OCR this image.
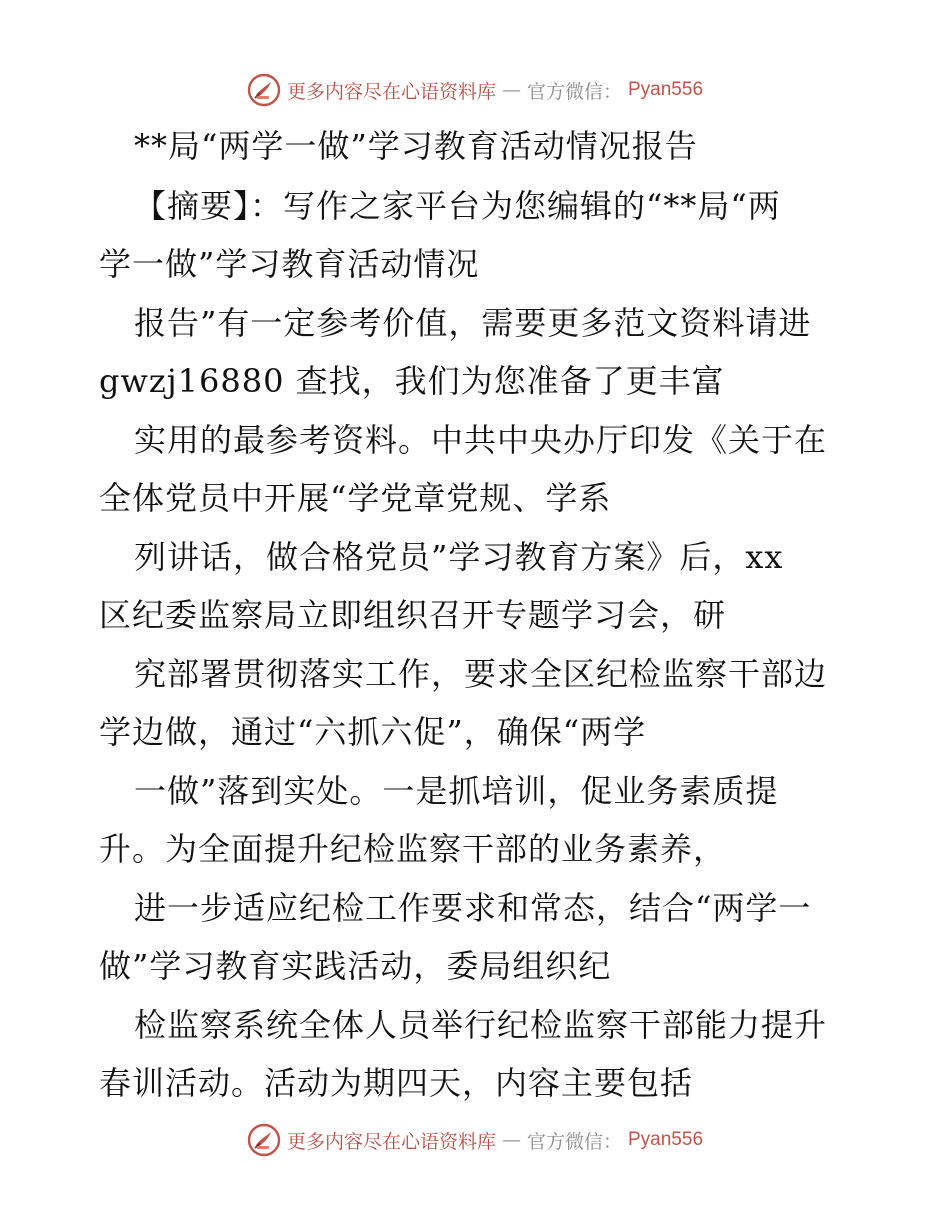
更多内容尽在心语资料库 — 官方微信： Pyan556
**局“两学一做”学习教育活动情况报告
【摘要】：写作之家平台为您编辑的“**局“两
学一做”学习教育活动情况
报告”有一定参考价值，需要更多范文资料请进
gwzj16880 查找，我们为您准备了更丰富
实用的最参考资料。中共中央办厅印发《关于在
全体党员中开展“学党章党规、学系
列讲话，做合格党员”学习教育方案》后，xx
区纪委监察局立即组织召开专题学习会，研
究部署贯彻落实工作，要求全区纪检监察干部边
学边做，通过“六抓六促”，确保“两学
一做”落到实处。一是抓培训，促业务素质提
升。为全面提升纪检监察干部的业务素养，
进一步适应纪检工作要求和常态，结合“两学一
做”学习教育实践活动，委局组织纪
检监察系统全体人员举行纪检监察干部能力提升
春训活动。活动为期四天，内容主要包括
更多内容尽在心语资料库 — 官方微信： Pyan556
